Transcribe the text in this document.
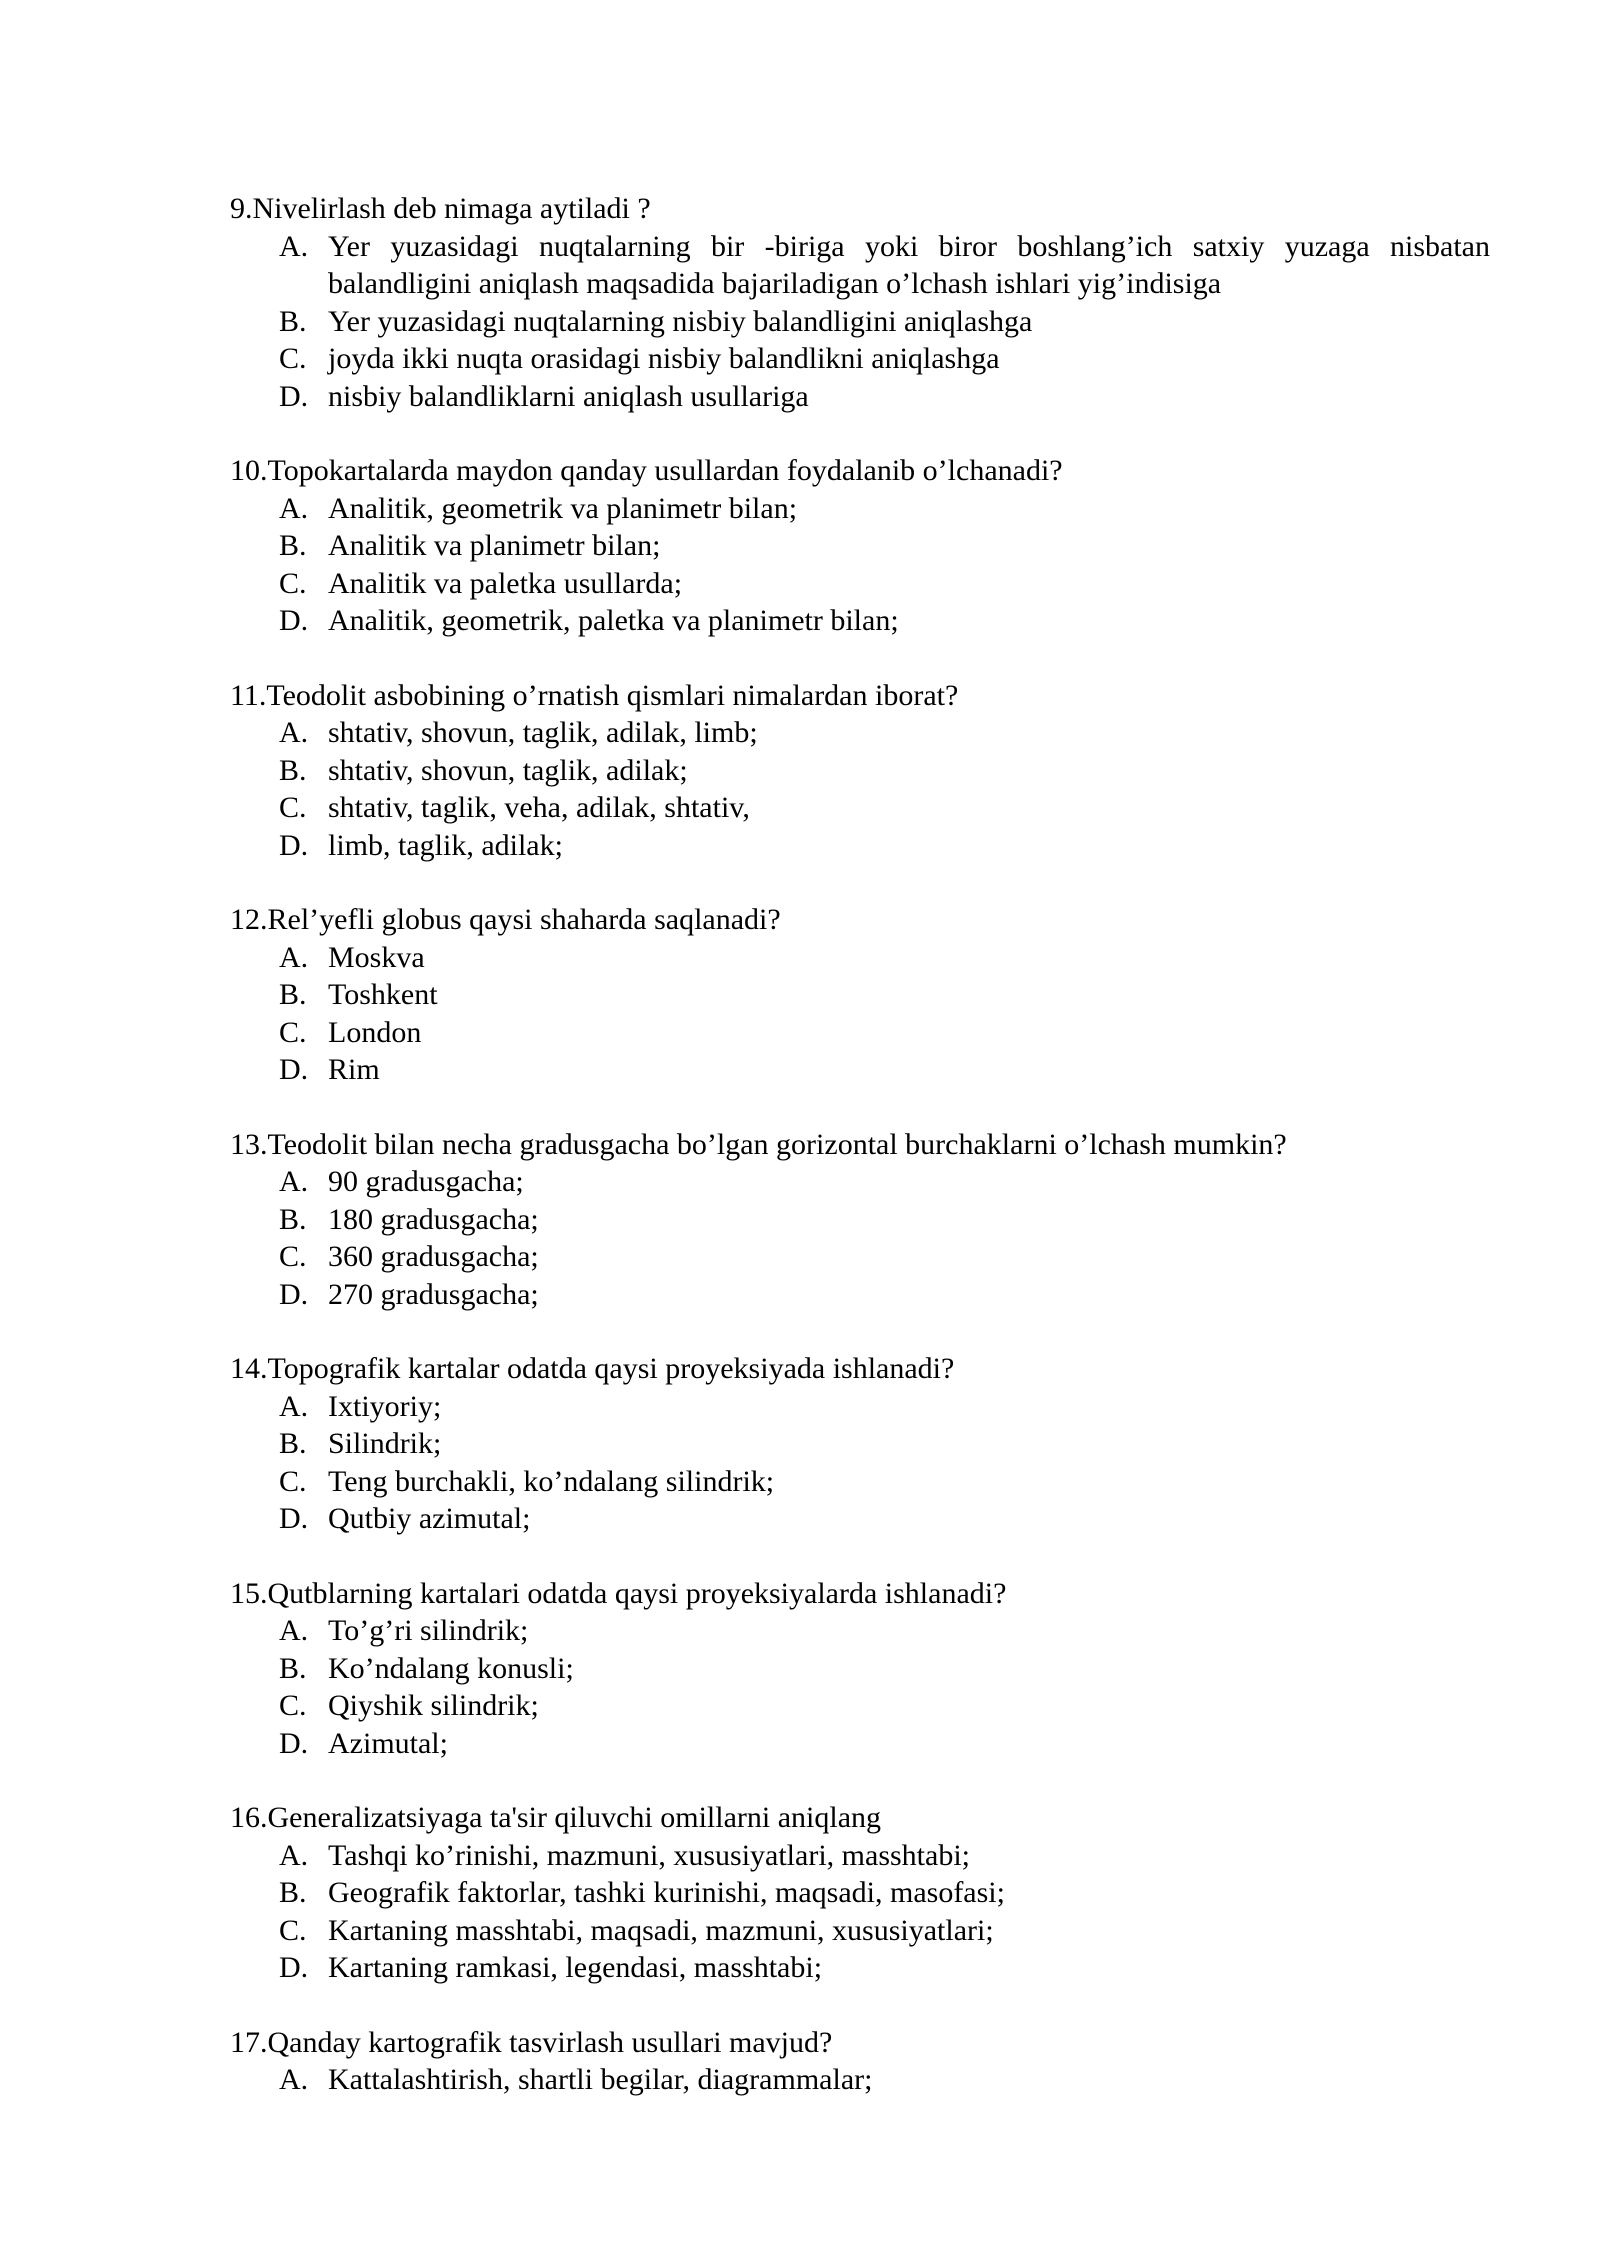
9.Nivelirlash deb nimaga aytiladi ?

A. Yer yuzasidagi nuqtalarning bir -biriga yoki biror boshlang’ich satxiy yuzaga nisbatan balandligini aniqlash maqsadida bajariladigan o’lchash ishlari yig’indisiga
B. Yer yuzasidagi nuqtalarning nisbiy balandligini aniqlashga
C. joyda ikki nuqta orasidagi nisbiy balandlikni aniqlashga
D. nisbiy balandliklarni aniqlash usullariga

10.Topokartalarda maydon qanday usullardan foydalanib o’lchanadi?

A. Analitik, geometrik va planimetr bilan;
B. Analitik va planimetr bilan;
C. Analitik va paletka usullarda;
D. Analitik, geometrik, paletka va planimetr bilan;

11.Teodolit asbobining o’rnatish qismlari nimalardan iborat?

A. shtativ, shovun, taglik, adilak, limb;
B. shtativ, shovun, taglik, adilak;
C. shtativ, taglik, veha, adilak, shtativ,
D. limb, taglik, adilak;

12.Rel’yefli globus qaysi shaharda saqlanadi?

A. Moskva
B. Toshkent
C. London
D. Rim

13.Teodolit bilan necha gradusgacha bo’lgan gorizontal burchaklarni o’lchash mumkin?

A. 90 gradusgacha;
B. 180 gradusgacha;
C. 360 gradusgacha;
D. 270 gradusgacha;

14.Topografik kartalar odatda qaysi proyeksiyada ishlanadi?

A. Ixtiyoriy;
B. Silindrik;
C. Teng burchakli, ko’ndalang silindrik;
D. Qutbiy azimutal;

15.Qutblarning kartalari odatda qaysi proyeksiyalarda ishlanadi?

A. To’g’ri silindrik;
B. Ko’ndalang konusli;
C. Qiyshik silindrik;
D. Azimutal;

16.Generalizatsiyaga ta'sir qiluvchi omillarni aniqlang

A. Tashqi ko’rinishi, mazmuni, xususiyatlari, masshtabi;
B. Geografik faktorlar, tashki kurinishi, maqsadi, masofasi;
C. Kartaning masshtabi, maqsadi, mazmuni, xususiyatlari;
D. Kartaning ramkasi, legendasi, masshtabi;

17.Qanday kartografik tasvirlash usullari mavjud?

A. Kattalashtirish, shartli begilar, diagrammalar;
